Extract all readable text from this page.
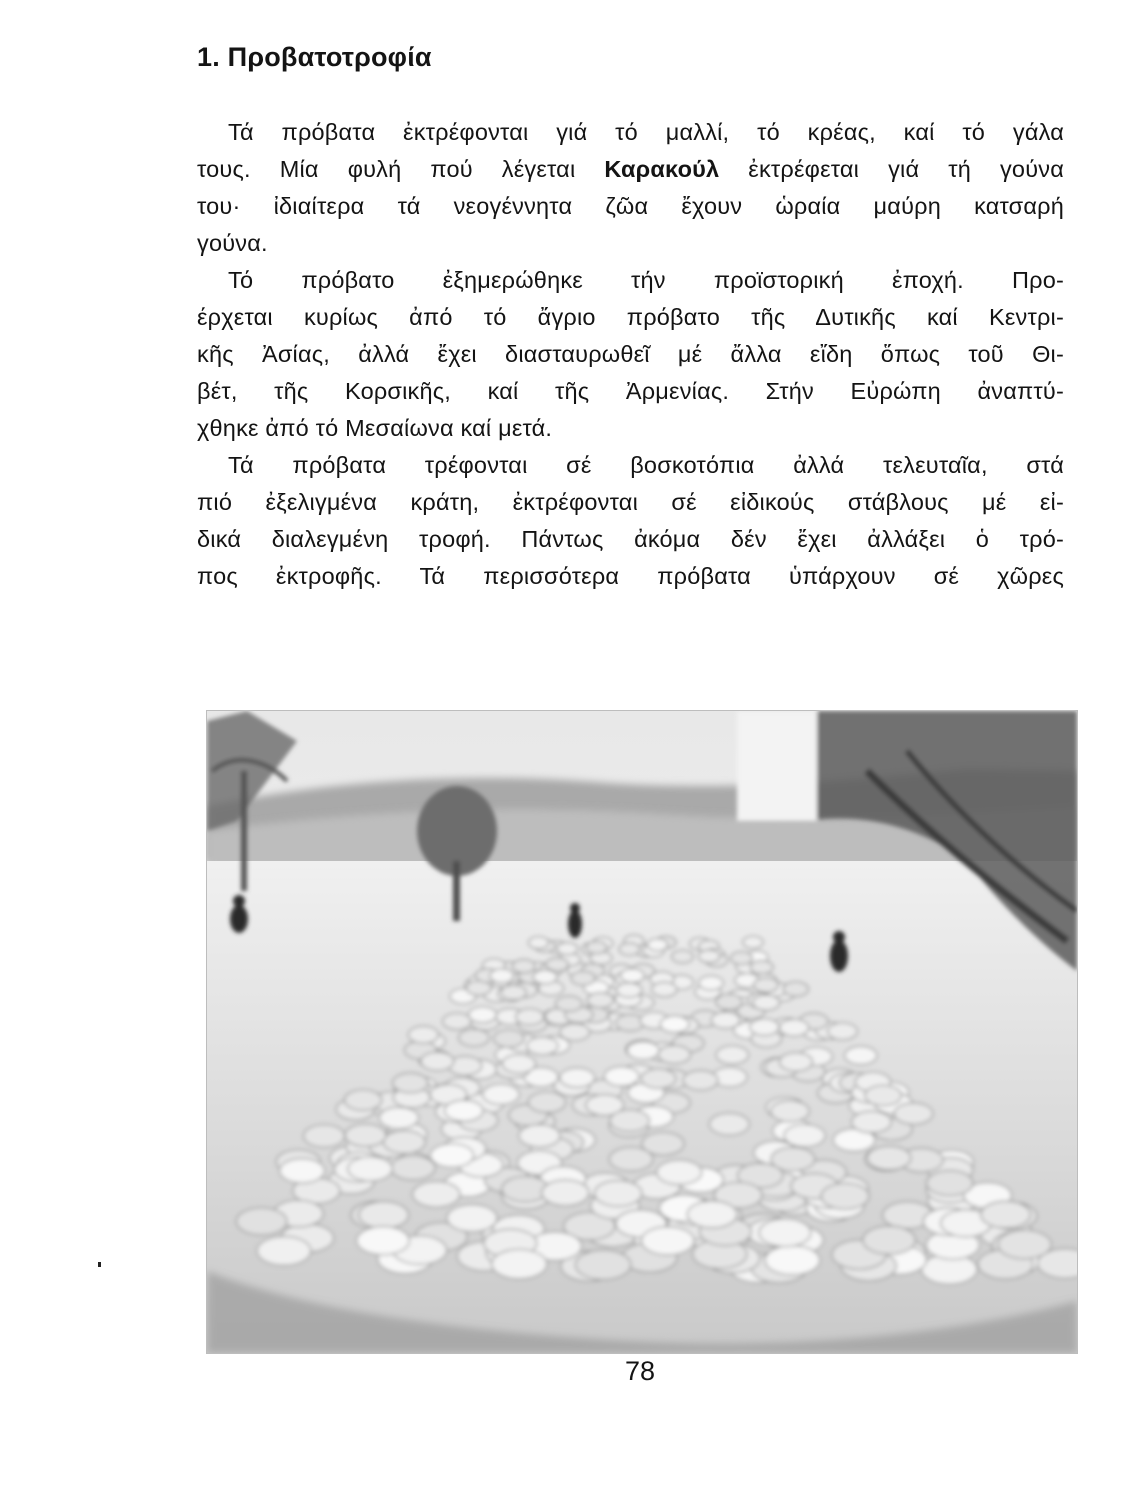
1. Προβατοτροφία

Τά πρόβατα ἐκτρέφονται γιά τό μαλλί, τό κρέας, καί τό γάλα
τους. Μία φυλή πού λέγεται Καρακούλ ἐκτρέφεται γιά τή γούνα
του· ἰδιαίτερα τά νεογέννητα ζῶα ἔχουν ὡραία μαύρη κατσαρή
γούνα.

Τό πρόβατο ἐξημερώθηκε τήν προϊστορική ἐποχή. Προ-
έρχεται κυρίως ἀπό τό ἄγριο πρόβατο τῆς Δυτικῆς καί Κεντρι-
κῆς Ἀσίας, ἀλλά ἔχει διασταυρωθεῖ μέ ἄλλα εἴδη ὅπως τοῦ Θι-
βέτ, τῆς Κορσικῆς, καί τῆς Ἀρμενίας. Στήν Εὐρώπη ἀναπτύ-
χθηκε ἀπό τό Μεσαίωνα καί μετά.

Τά πρόβατα τρέφονται σέ βοσκοτόπια ἀλλά τελευταῖα, στά
πιό ἐξελιγμένα κράτη, ἐκτρέφονται σέ εἰδικούς στάβλους μέ εἰ-
δικά διαλεγμένη τροφή. Πάντως ἀκόμα δέν ἔχει ἀλλάξει ὁ τρό-
πος ἐκτροφῆς. Τά περισσότερα πρόβατα ὑπάρχουν σέ χῶρες

78
